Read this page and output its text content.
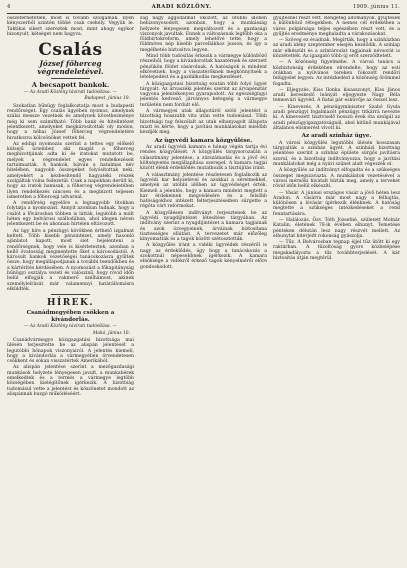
4	ARADI KÖZLÖNY.	1909. június 11.

összeférhetetlen, most is tovább szolgálnak. Ilyen kényszerből szintén többé csak csekély. Vegyük le. Taktikai sikert szereztek most, mint ahogy egykor bizonyult, kétséget nem hagyva.

Csalás
József főherceg végrendeletével.
A becsapott bankok.
— Az Aradi Közlöny távirati tudósítása. —
Budapest, június 10.

Szokatlan bűnügy foglalkoztatja most a budapesti rendőrséget. Egy csalás ügyében nyomoz, amelynek szálai messze vezetnek és amelynek következménye még ki sem számítható. Több bank és hitelintézet jelentkezett, amelyeket megkárosítottak oly módon, hogy a néhai József főherceg végrendeletére hivatkozva kölcsönöket vettek fel.

Az eddigi nyomozás szerint a tettes egy előkelő külsejű úriember, aki magát a főherceg megbízottjának adta ki és iratokat mutatott be, melyek a végrendelet egyes rendelkezéseit tartalmazták. A bankok, bízván a hatalmas név hitelében, nagyobb összegeket folyósítottak neki, amelyekért a kézbesítendő hagyatéki részek szolgáltak volna fedezetül. Csak a napokban derült ki, hogy az iratok hamisak, a főherceg végrendeletében ilyen rendelkezés nincsen és a megbízott teljesen ismeretlen a főhercegi udvarnál.

A rendőrség egyelőre a legnagyobb titokban folytatja a nyomozást. Annyit azonban tudnak, hogy a csalót a fővárosban többen is látták, legutóbb a múlt héten egy belvárosi szállodában, ahol idegen néven jelentkezett be és ahonnan hirtelen eltávozott.

Az ügy híre a pénzügyi körökben érthető izgalmat keltett. Több kisebb pénzintézet, amely hasonló ajánlatot kapott, most siet bejelenteni a rendőrségnek, hogy vele is kísérleteztek, azonban a kellő óvatosság megmentette őket a károsodástól. A károsult bankok vezetőségei tanácskozásra gyűltek össze, hogy megállapodjanak a további teendőkben és a kártérítés kérdésében. A nyomozást a főkapitányság bűnügyi osztálya vezeti és valószínű, hogy rövid időn belül elfogják a vakmerő szélhámost, akinek személyleírását már valamennyi határállomásra elküldték.

HÍREK.
Csanádmegyében csökken a kivándorlás.
— Az Aradi Közlöny távirati tudósítása. —
Makó, június 10.

Csanádvármegye közigazgatási bizottsága mai ülésén terjesztette be az alispán jelentését a legutóbbi hónapok viszonyairól. A jelentés kiemeli, hogy a kivándorlás a vármegyében örvendetesen csökkent és sokan visszatértek Amerikából.

Az alispán jelentése szerint a mezőgazdasági munkások helyzete lényegesen javult, a munkabérek emelkedtek és a termés a vármegye legtöbb községében kielégítőnek ígérkezik. A bizottság tudomásul vette a jelentést és köszönetet mondott az alispánnak buzgó működéséért.

ság nagy aggodalmat okozott, az utóbbi időben bebizonyosodott, azonban, hogy a munkásság helyzete lényegesen megváltozott és a gazdasági viszonyok javultak. Ennek a változásnak legfőbb oka a földbirtokreform, amely lehetővé tette, hogy a földmíves nép kisebb parcellákhoz jusson, és így a megélhetés biztosítva legyen.

Mind több tudósítás érkezik a vármegye különböző részeiből, hogy a kivándoroltak hazatérnek és szerzett pénzükön földet vásárolnak. A hatóságok is mindent elkövetnek, hogy a visszatérőknek megkönnyítsék a letelepedést és a gazdálkodás megkezdését.

A közigazgatási bizottság ezután több folyó ügyet tárgyalt. Az árvaszéki jelentés szerint az árvapénztár vagyona jelentékenyen gyarapodott. Az egészségügyi jelentés kedvező, járványos betegség a vármegye területén nem fordult elő.

A vármegyei utak állapotáról szóló jelentést a bizottság hosszabb vita után vette tudomásul. Több bizottsági tag felszólalt az utak elhanyagolt állapota miatt és kérte, hogy a javítási munkálatokat mielőbb kezdjék meg.

Az ügyvédi kamara közgyűlése.

Az aradi ügyvédi kamara e hónap végén tartja évi rendes közgyűlését. A közgyűlés tárgysorozatán a választmány jelentése, a zárszámadás és a jövő évi költségvetés megállapítása szerepel. A kamara tagjai között élénk érdeklődés mutatkozik a tisztújítás iránt.

A választmány jelentése részletesen foglalkozik az ügyvédi kar helyzetével és azokkal a sérelmekkel, amelyek az utóbbi időben az ügyvédséget érték. Kiemeli a jelentés, hogy a kamara mindent megtett a kar érdekeinek megvédésére és a felsőbb hatóságokhoz intézett felterjesztéseiben sürgette a régóta várt reformokat.

A közgyűlésen indítványt terjesztenek be az ügyvédi nyugdíjintézet létesítése tárgyában. Az indítvány szerint a nyugdíjintézet a kamara tagjainak és azok özvegyeinek, árváinak biztosítana tisztességes ellátást. A tervezetet már előzőleg kinyomatták és a tagok között szétosztották.

A közgyűlés iránt a vidéki ügyvédek részéről is nagy az érdeklődés, úgy hogy a tanácskozás a szokottnál népesebbnek ígérkezik. A kamara elnöksége a vidékről érkező tagok kényelméről előre gondoskodott.

gyűjtésnél részt vett. Rengeteg adományok, gyűjtések a különböző rétegekben. A nemes cél érdekében a város polgársága teljes egészében részt vett, és a gyűjtés eredménye meghaladta a várakozásokat.

— Szöveg ez évadnak. Megírták, hogy a színházban az aradi idény szeptember elsején kezdődik. A szinlap már elkészült és a színtársulat tagjainak névsorát is közzétették. Az igazgató több új erőt szerződtetett.

— A közönség figyelmébe. A városi tanács a közbiztonság érdekében elrendelte, hogy az esti órákban a nyilvános tereken fokozott rendőri felügyelet legyen. Az intézkedést a közönség örömmel fogadta.

— Eljegyzés. Kiss Ilonka kisasszonyt, Kiss János aradi kereskedő leányát eljegyezte Nagy Béla temesvári ügyvéd. A fiatal pár esküvője az ősszel lesz.

— Kinevezés. A pénzügyminiszter Szabó Gyula aradi pénzügyi fogalmazót pénzügyi titkárrá nevezte ki. A kinevezett tisztviselő hosszú évek óta szolgál az aradi pénzügyigazgatóságnál, ahol kitűnő munkájával általános elismerést vívott ki.

Az aradi színház ügye.

A városi közgyűlés legutóbbi ülésén hosszasan tárgyalták a színház ügyét. A színházi bizottság jelentése szerint a színház épülete sürgős javításra szorul, és a bizottság indítványozza, hogy a javítási munkálatokat még a nyári szünet alatt végezzék el.

A közgyűlés az indítványt elfogadta és a szükséges összeget megszavazta. A munkálatok vezetésével a városi mérnöki hivatalt bízták meg, amely a terveket rövid időn belül elkészíti.

— Vásár. A júniusi országos vásár a jövő héten lesz Aradon. A vásárra már most nagy a felhajtás, különösen a lóvásár ígérkezik élénknek. A hatóság megtette a szükséges intézkedéseket a rend fenntartására.

— Halálozás. Özv. Tóth Józsefné, született Molnár Katalin, életének 78-ik évében elhunyt. Temetése pénteken délután lesz nagy részvét mellett. Az elhunytat kiterjedt rokonság gyászolja.

— Tűz. A Belvárosban tegnap éjjel tűz ütött ki egy raktárban. A tűzoltóság gyors közbelépése megakadályozta a tűz továbbterjedését. A kár biztosítás útján megtérül.
